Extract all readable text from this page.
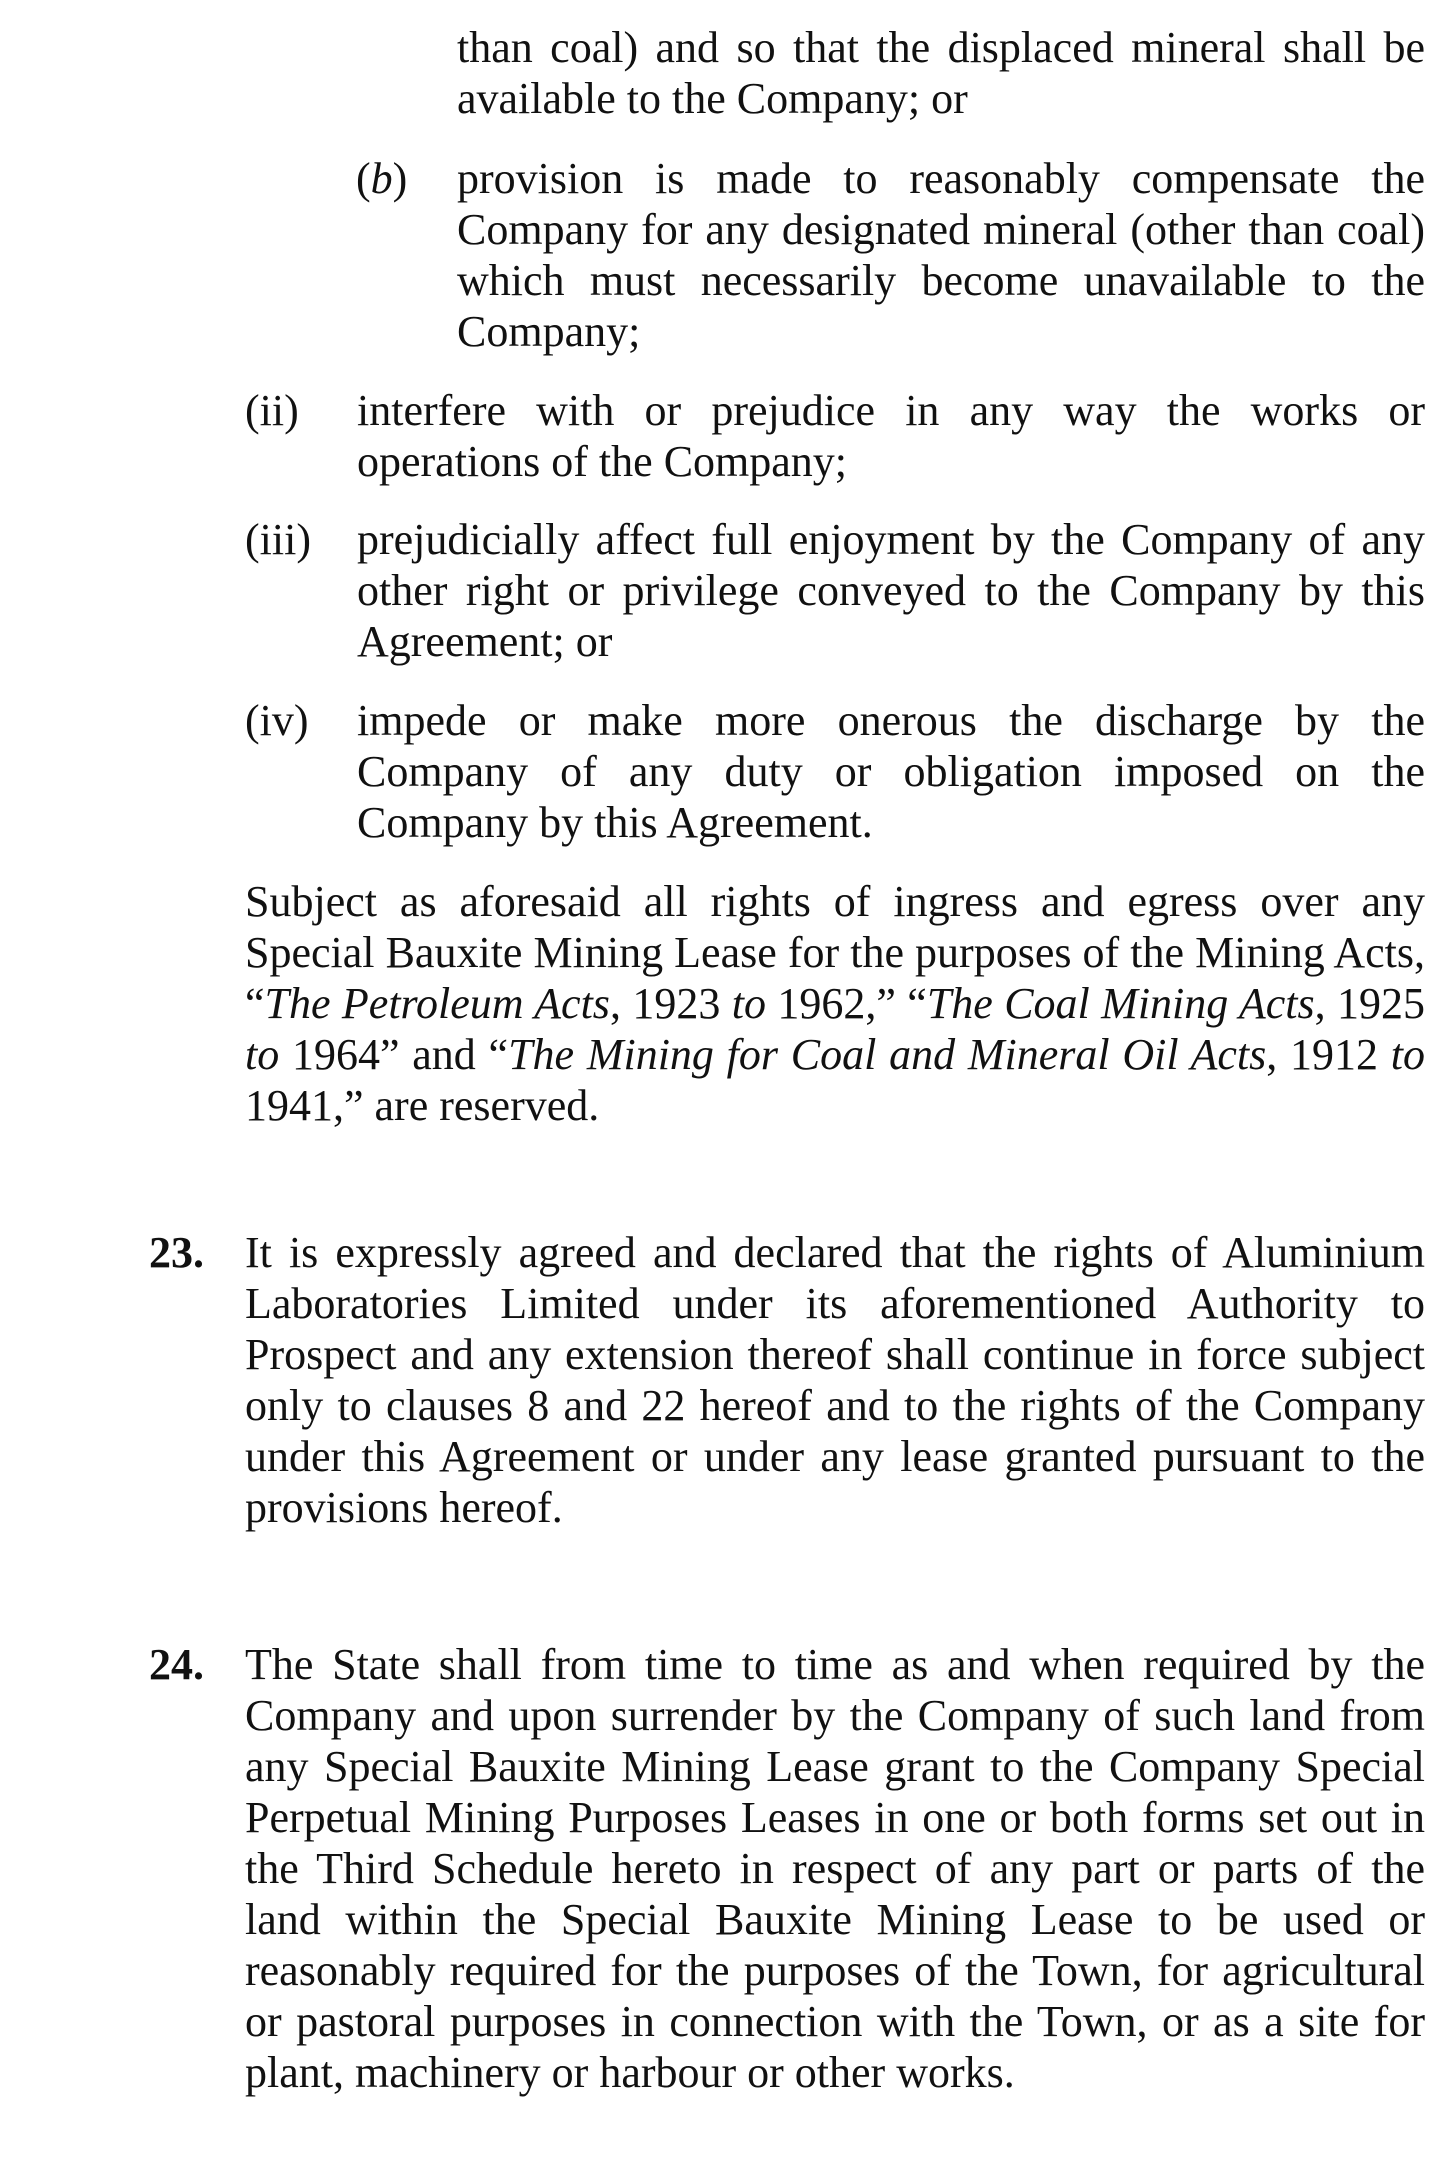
than coal) and so that the displaced mineral shall be available to the Company; or
(b) provision is made to reasonably compensate the Company for any designated mineral (other than coal) which must necessarily become unavailable to the Company;
(ii) interfere with or prejudice in any way the works or operations of the Company;
(iii) prejudicially affect full enjoyment by the Company of any other right or privilege conveyed to the Company by this Agreement; or
(iv) impede or make more onerous the discharge by the Company of any duty or obligation imposed on the Company by this Agreement.
Subject as aforesaid all rights of ingress and egress over any Special Bauxite Mining Lease for the purposes of the Mining Acts, “The Petroleum Acts, 1923 to 1962,” “The Coal Mining Acts, 1925 to 1964” and “The Mining for Coal and Mineral Oil Acts, 1912 to 1941,” are reserved.
23. It is expressly agreed and declared that the rights of Aluminium Laboratories Limited under its aforementioned Authority to Prospect and any extension thereof shall continue in force subject only to clauses 8 and 22 hereof and to the rights of the Company under this Agreement or under any lease granted pursuant to the provisions hereof.
24. The State shall from time to time as and when required by the Company and upon surrender by the Company of such land from any Special Bauxite Mining Lease grant to the Company Special Perpetual Mining Purposes Leases in one or both forms set out in the Third Schedule hereto in respect of any part or parts of the land within the Special Bauxite Mining Lease to be used or reasonably required for the purposes of the Town, for agricultural or pastoral purposes in connection with the Town, or as a site for plant, machinery or harbour or other works.
